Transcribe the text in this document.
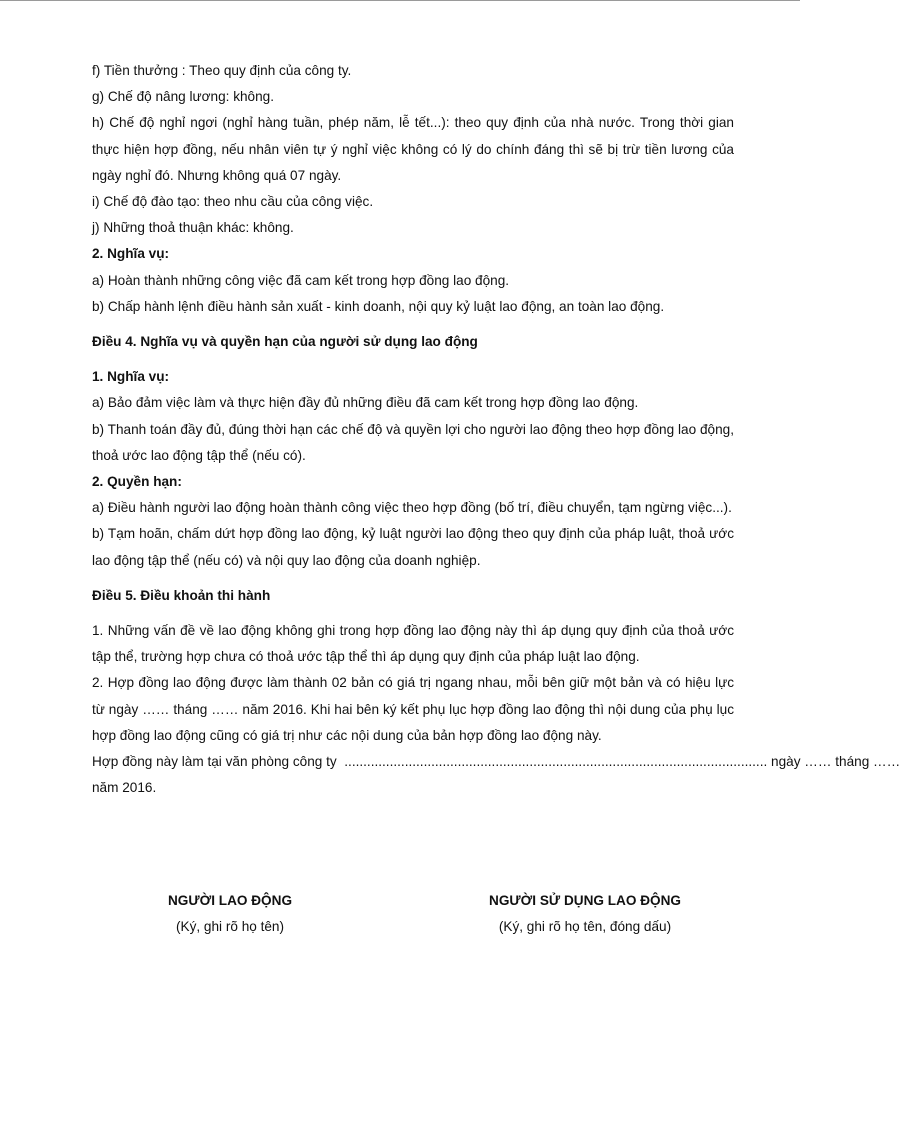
f) Tiền thưởng : Theo quy định của công ty.

g) Chế độ nâng lương: không.

h) Chế độ nghỉ ngơi (nghỉ hàng tuần, phép năm, lễ tết...): theo quy định của nhà nước. Trong thời gian thực hiện hợp đồng, nếu nhân viên tự ý nghỉ việc không có lý do chính đáng thì sẽ bị trừ tiền lương của ngày nghỉ đó. Nhưng không quá 07 ngày.

i) Chế độ đào tạo: theo nhu cầu của công việc.

j) Những thoả thuận khác: không.

2. Nghĩa vụ:

a) Hoàn thành những công việc đã cam kết trong hợp đồng lao động.

b) Chấp hành lệnh điều hành sản xuất - kinh doanh, nội quy kỷ luật lao động, an toàn lao động.

Điều 4. Nghĩa vụ và quyền hạn của người sử dụng lao động

1. Nghĩa vụ:

a) Bảo đảm việc làm và thực hiện đầy đủ những điều đã cam kết trong hợp đồng lao động.

b) Thanh toán đầy đủ, đúng thời hạn các chế độ và quyền lợi cho người lao động theo hợp đồng lao động, thoả ước lao động tập thể (nếu có).

2. Quyền hạn:

a) Điều hành người lao động hoàn thành công việc theo hợp đồng (bố trí, điều chuyển, tạm ngừng việc...).

b) Tạm hoãn, chấm dứt hợp đồng lao động, kỷ luật người lao động theo quy định của pháp luật, thoả ước lao động tập thể (nếu có) và nội quy lao động của doanh nghiệp.

Điều 5. Điều khoản thi hành

1. Những vấn đề về lao động không ghi trong hợp đồng lao động này thì áp dụng quy định của thoả ước tập thể, trường hợp chưa có thoả ước tập thể thì áp dụng quy định của pháp luật lao động.

2. Hợp đồng lao động được làm thành 02 bản có giá trị ngang nhau, mỗi bên giữ một bản và có hiệu lực từ ngày …… tháng …… năm 2016. Khi hai bên ký kết phụ lục hợp đồng lao động thì nội dung của phụ lục hợp đồng lao động cũng có giá trị như các nội dung của bản hợp đồng lao động này.

Hợp đồng này làm tại văn phòng công ty
................................................................................................................
ngày …… tháng ……

năm 2016.

NGƯỜI LAO ĐỘNG
(Ký, ghi rõ họ tên)
NGƯỜI SỬ DỤNG LAO ĐỘNG
(Ký, ghi rõ họ tên, đóng dấu)
